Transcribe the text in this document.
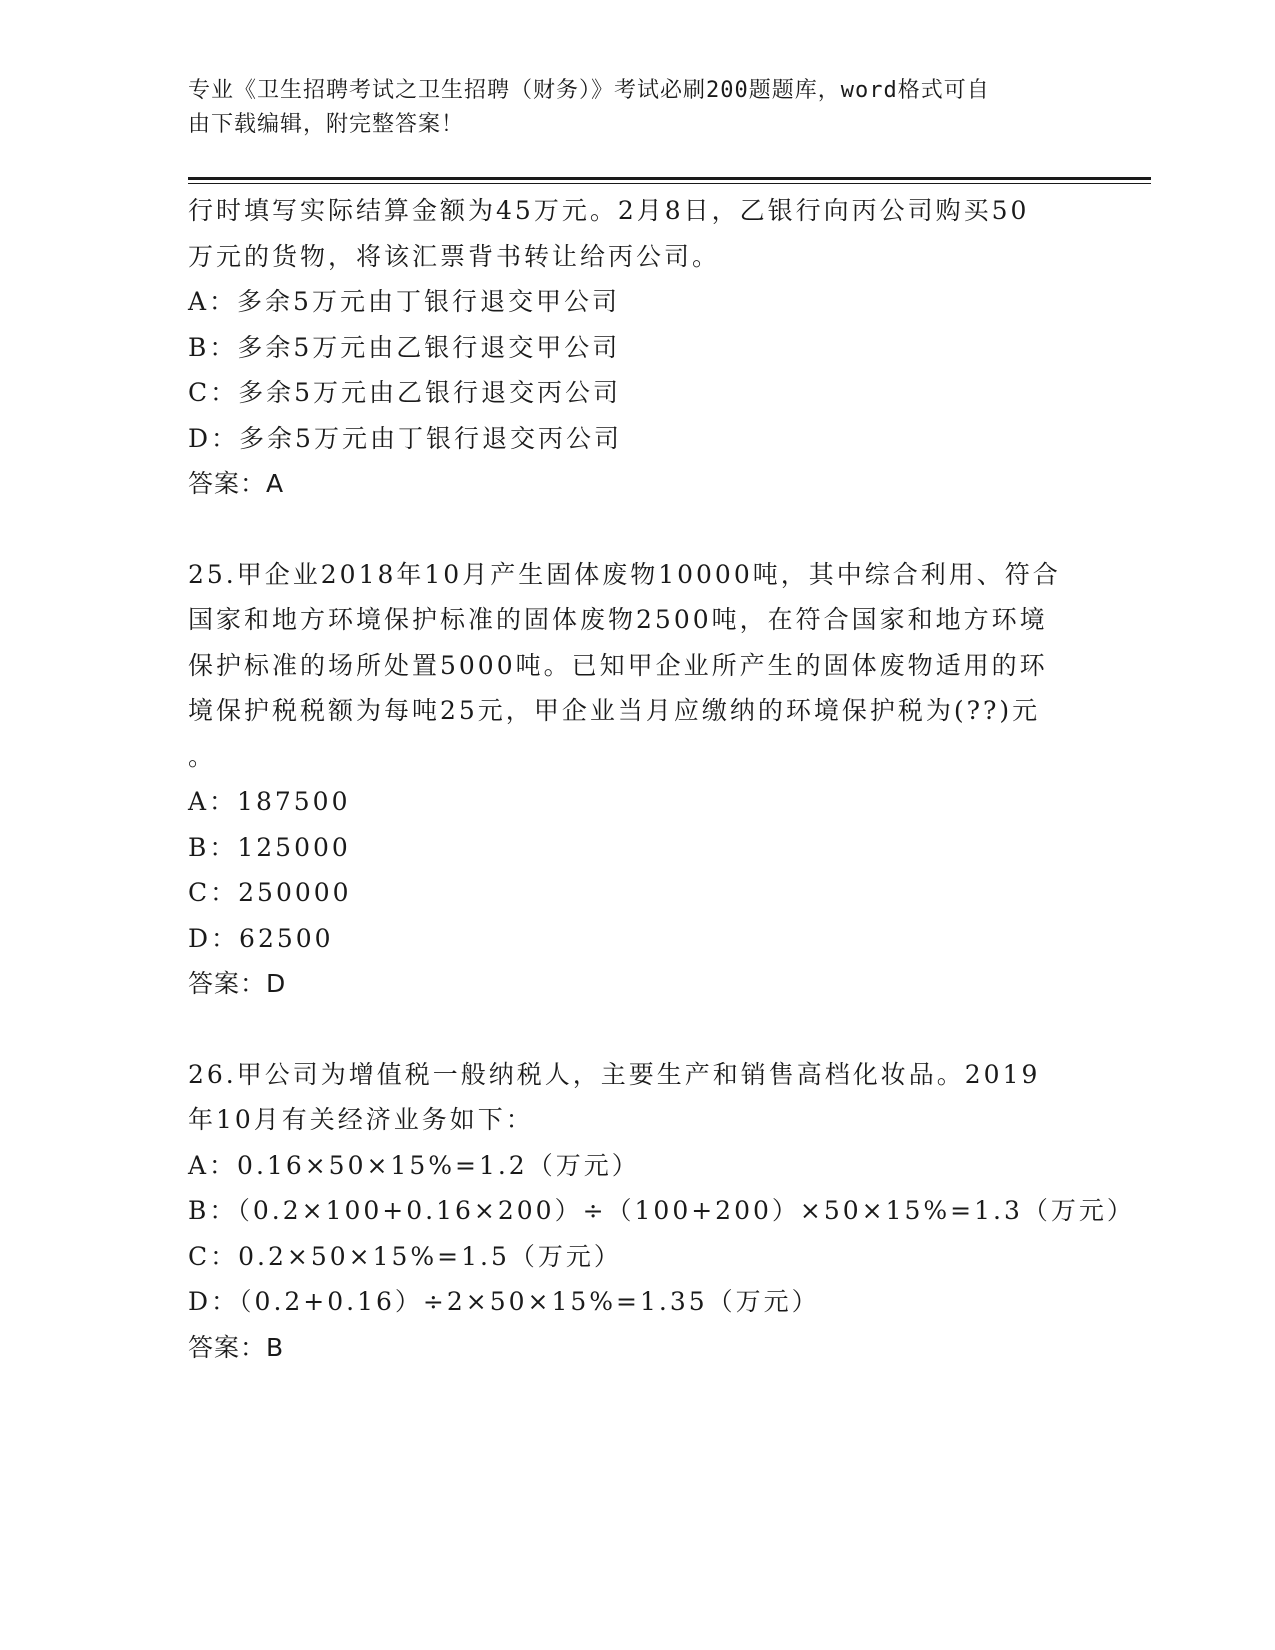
专业《卫生招聘考试之卫生招聘（财务）》考试必刷200题题库，word格式可自
由下载编辑，附完整答案！

行时填写实际结算金额为45万元。2月8日，乙银行向丙公司购买50

万元的货物，将该汇票背书转让给丙公司。

A：多余5万元由丁银行退交甲公司

B：多余5万元由乙银行退交甲公司

C：多余5万元由乙银行退交丙公司

D：多余5万元由丁银行退交丙公司

答案：A

25.甲企业2018年10月产生固体废物10000吨，其中综合利用、符合

国家和地方环境保护标准的固体废物2500吨，在符合国家和地方环境

保护标准的场所处置5000吨。已知甲企业所产生的固体废物适用的环

境保护税税额为每吨25元，甲企业当月应缴纳的环境保护税为(??)元

。

A：187500

B：125000

C：250000

D：62500

答案：D

26.甲公司为增值税一般纳税人，主要生产和销售高档化妆品。2019

年10月有关经济业务如下：

A：0.16×50×15%=1.2（万元）

B：（0.2×100+0.16×200）÷（100+200）×50×15%=1.3（万元）

C：0.2×50×15%=1.5（万元）

D：（0.2+0.16）÷2×50×15%=1.35（万元）

答案：B
